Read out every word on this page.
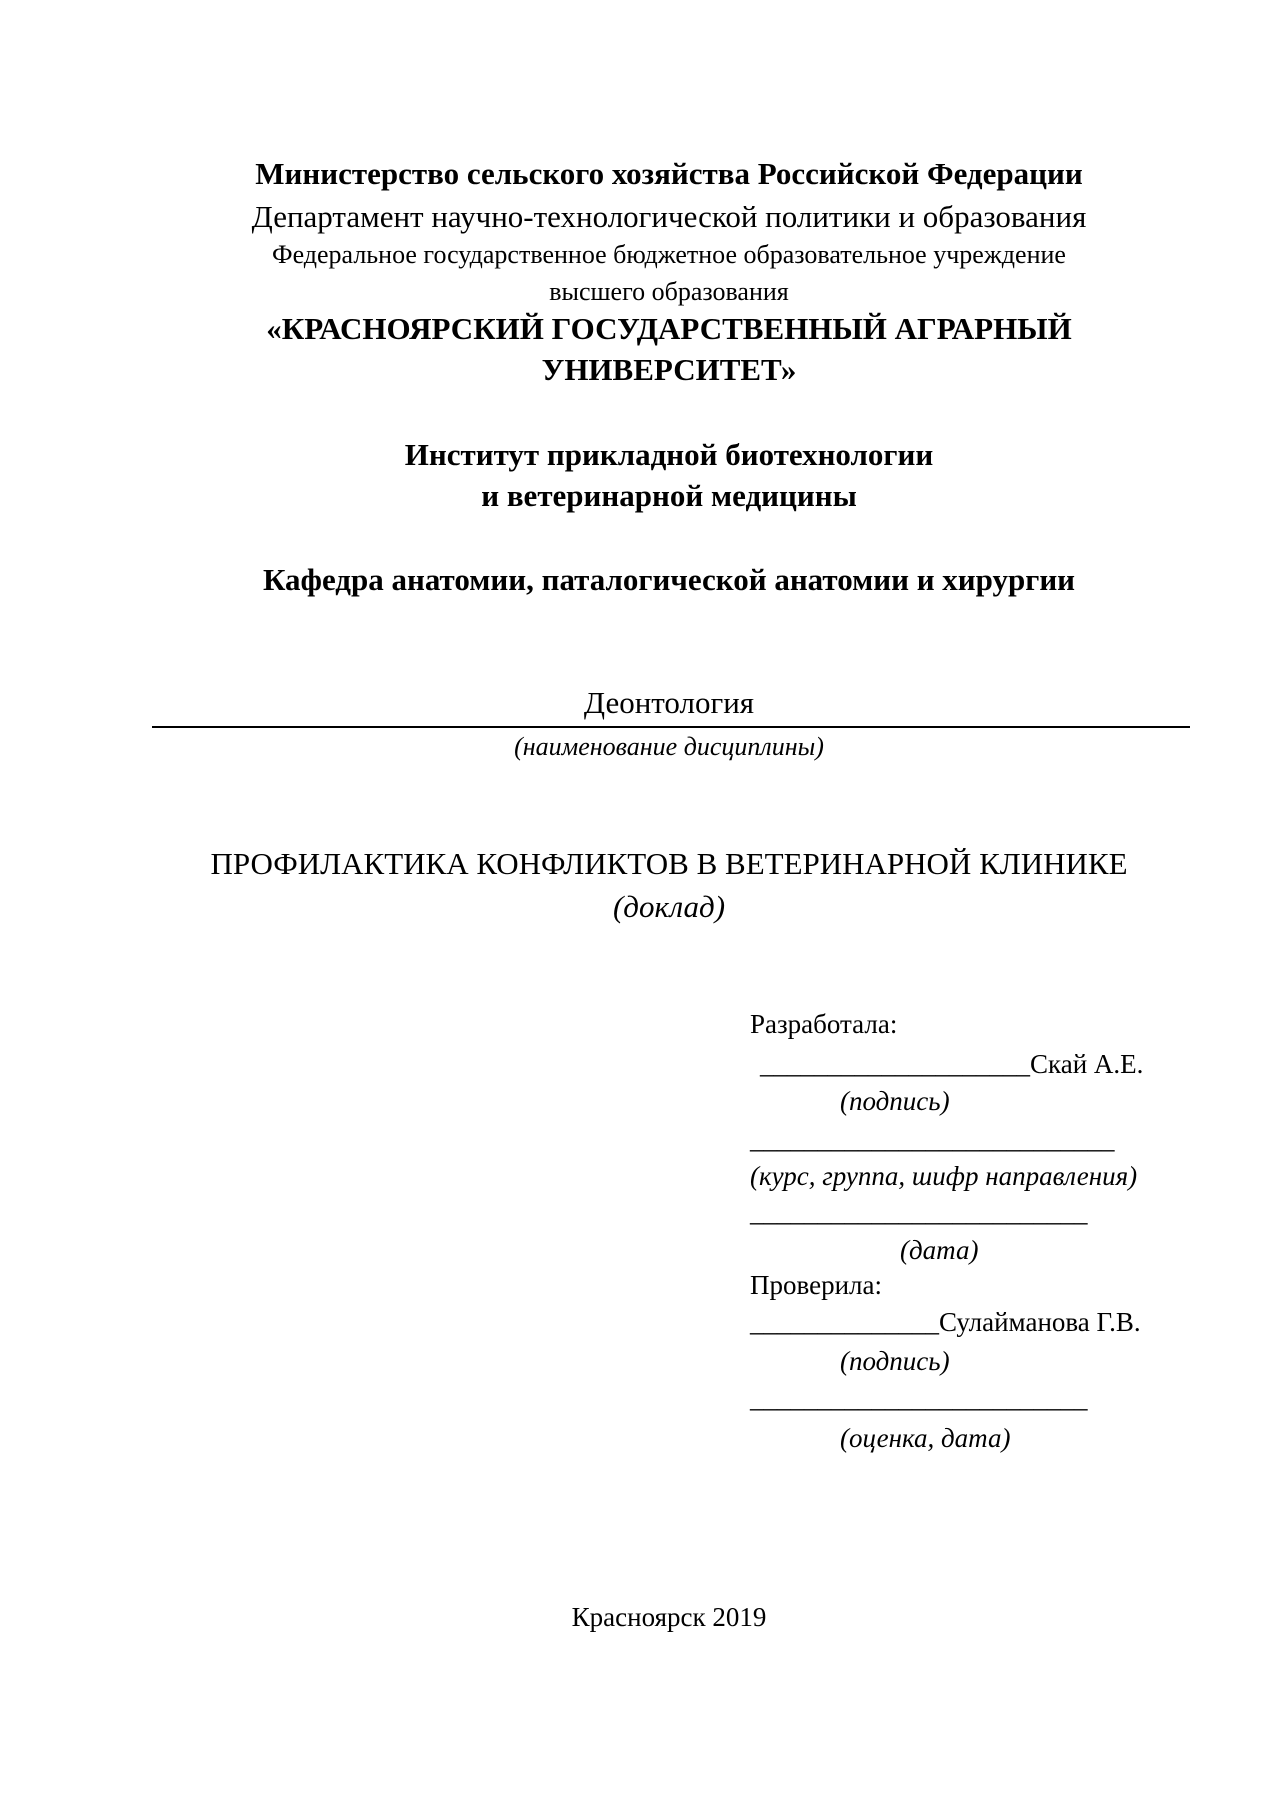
Министерство сельского хозяйства Российской Федерации
Департамент научно-технологической политики и образования
Федеральное государственное бюджетное образовательное учреждение
высшего образования
«КРАСНОЯРСКИЙ ГОСУДАРСТВЕННЫЙ АГРАРНЫЙ
УНИВЕРСИТЕТ»
Институт прикладной биотехнологии
и ветеринарной медицины
Кафедра анатомии, паталогической анатомии и хирургии
Деонтология
(наименование дисциплины)
ПРОФИЛАКТИКА КОНФЛИКТОВ В ВЕТЕРИНАРНОЙ КЛИНИКЕ
(доклад)
Разработала:
____________________Скай А.Е.
(подпись)
___________________________
(курс, группа, шифр направления)
_________________________
(дата)
Проверила:
______________Сулайманова Г.В.
(подпись)
_________________________
(оценка, дата)
Красноярск 2019
